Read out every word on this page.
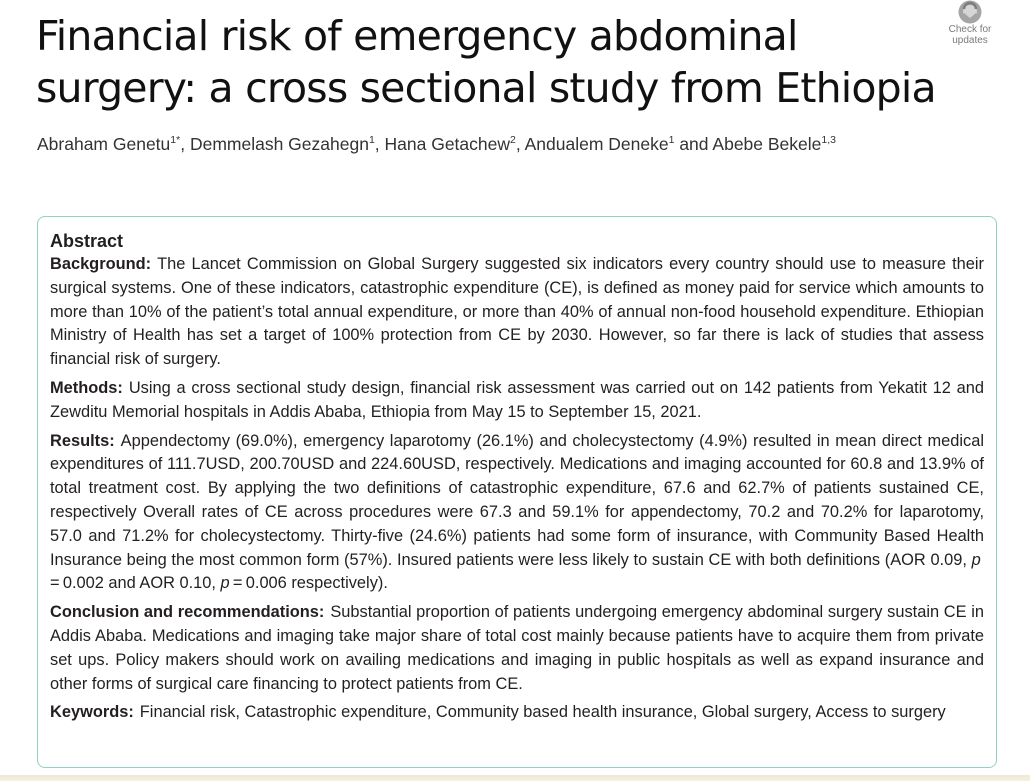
Financial risk of emergency abdominal surgery: a cross sectional study from Ethiopia
Check for
updates
Abraham Genetu$^{1*}$, Demmelash Gezahegn$^1$, Hana Getachew$^2$, Andualem Deneke$^1$ and Abebe Bekele$^{1,3}$
Abstract

Background: The Lancet Commission on Global Surgery suggested six indicators every country should use to measure their surgical systems. One of these indicators, catastrophic expenditure (CE), is defined as money paid for service which amounts to more than 10% of the patient’s total annual expenditure, or more than 40% of annual non-food household expenditure. Ethiopian Ministry of Health has set a target of 100% protection from CE by 2030. However, so far there is lack of studies that assess financial risk of surgery.

Methods: Using a cross sectional study design, financial risk assessment was carried out on 142 patients from Yekatit 12 and Zewditu Memorial hospitals in Addis Ababa, Ethiopia from May 15 to September 15, 2021.

Results: Appendectomy (69.0%), emergency laparotomy (26.1%) and cholecystectomy (4.9%) resulted in mean direct medical expenditures of 111.7USD, 200.70USD and 224.60USD, respectively. Medications and imaging accounted for 60.8 and 13.9% of total treatment cost. By applying the two definitions of catastrophic expenditure, 67.6 and 62.7% of patients sustained CE, respectively Overall rates of CE across procedures were 67.3 and 59.1% for appendectomy, 70.2 and 70.2% for laparotomy, 57.0 and 71.2% for cholecystectomy. Thirty-five (24.6%) patients had some form of insurance, with Community Based Health Insurance being the most common form (57%). Insured patients were less likely to sustain CE with both definitions (AOR 0.09, p = 0.002 and AOR 0.10, p = 0.006 respectively).

Conclusion and recommendations: Substantial proportion of patients undergoing emergency abdominal surgery sustain CE in Addis Ababa. Medications and imaging take major share of total cost mainly because patients have to acquire them from private set ups. Policy makers should work on availing medications and imaging in public hospitals as well as expand insurance and other forms of surgical care financing to protect patients from CE.

Keywords: Financial risk, Catastrophic expenditure, Community based health insurance, Global surgery, Access to surgery
